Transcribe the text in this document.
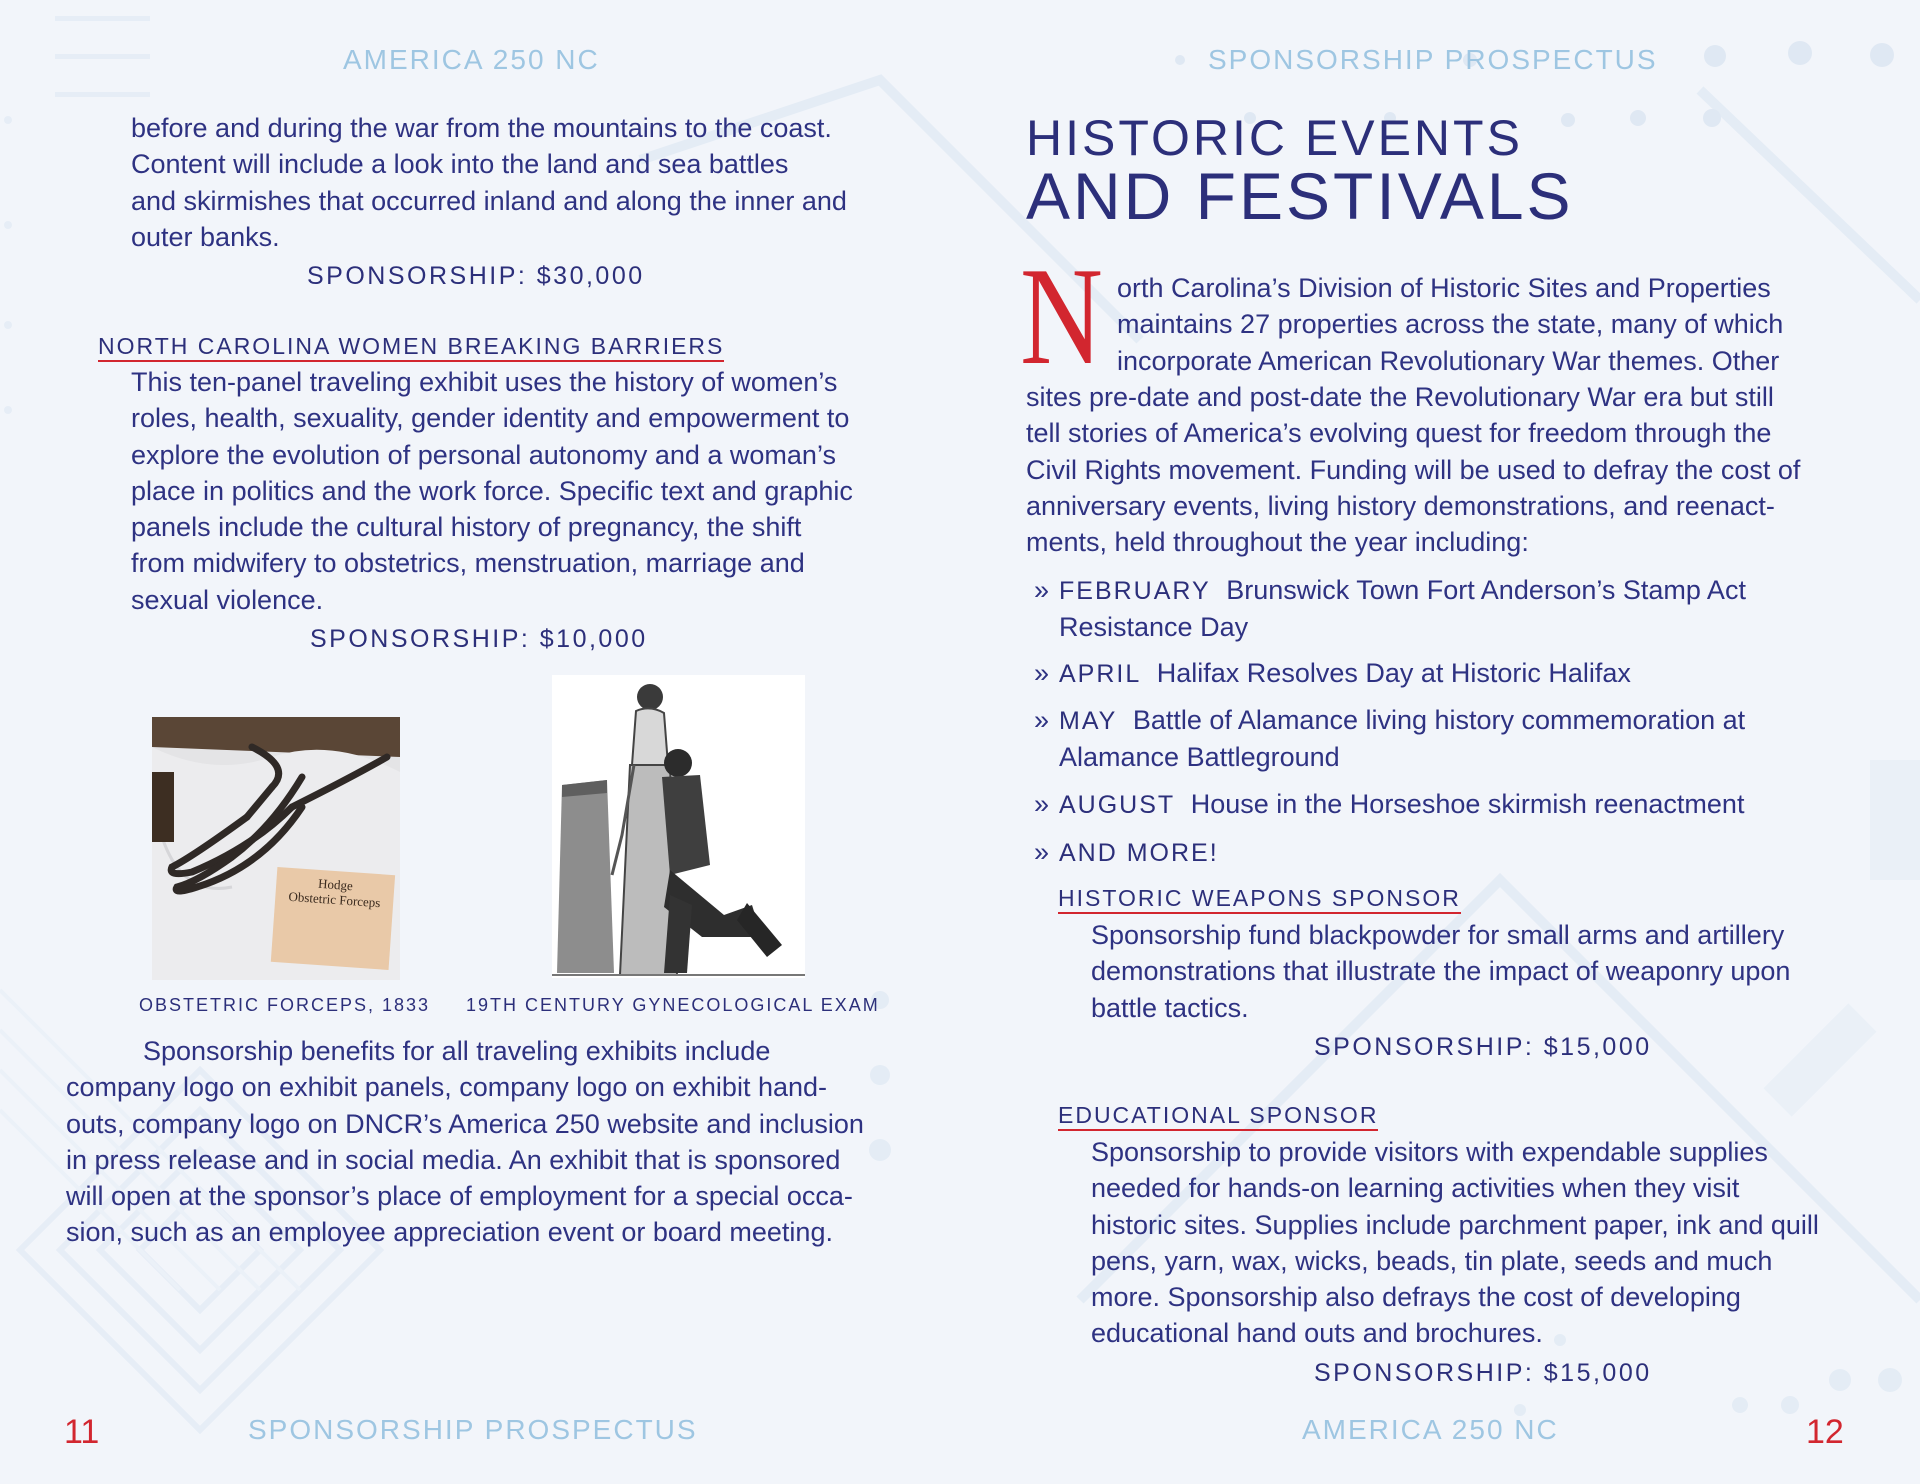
AMERICA 250 NC
before and during the war from the mountains to the coast.
Content will include a look into the land and sea battles
and skirmishes that occurred inland and along the inner and
outer banks.
SPONSORSHIP: $30,000
NORTH CAROLINA WOMEN BREAKING BARRIERS
This ten-panel traveling exhibit uses the history of women’s
roles, health, sexuality, gender identity and empowerment to
explore the evolution of personal autonomy and a woman’s
place in politics and the work force. Specific text and graphic
panels include the cultural history of pregnancy, the shift
from midwifery to obstetrics, menstruation, marriage and
sexual violence.
SPONSORSHIP: $10,000
Hodge
Obstetric Forceps
OBSTETRIC FORCEPS, 1833 19TH CENTURY GYNECOLOGICAL EXAM
Sponsorship benefits for all traveling exhibits include
company logo on exhibit panels, company logo on exhibit hand-
outs, company logo on DNCR’s America 250 website and inclusion
in press release and in social media. An exhibit that is sponsored
will open at the sponsor’s place of employment for a special occa-
sion, such as an employee appreciation event or board meeting.
11	SPONSORSHIP PROSPECTUS
SPONSORSHIP PROSPECTUS
HISTORIC EVENTS
AND FESTIVALS
N orth Carolina’s Division of Historic Sites and Properties
maintains 27 properties across the state, many of which
incorporate American Revolutionary War themes. Other
sites pre-date and post-date the Revolutionary War era but still
tell stories of America’s evolving quest for freedom through the
Civil Rights movement. Funding will be used to defray the cost of
anniversary events, living history demonstrations, and reenact-
ments, held throughout the year including:
» FEBRUARY Brunswick Town Fort Anderson’s Stamp Act
Resistance Day
» APRIL Halifax Resolves Day at Historic Halifax
» MAY Battle of Alamance living history commemoration at
Alamance Battleground
» AUGUST House in the Horseshoe skirmish reenactment
» AND MORE!
HISTORIC WEAPONS SPONSOR
Sponsorship fund blackpowder for small arms and artillery
demonstrations that illustrate the impact of weaponry upon
battle tactics.
SPONSORSHIP: $15,000
EDUCATIONAL SPONSOR
Sponsorship to provide visitors with expendable supplies
needed for hands-on learning activities when they visit
historic sites. Supplies include parchment paper, ink and quill
pens, yarn, wax, wicks, beads, tin plate, seeds and much
more. Sponsorship also defrays the cost of developing
educational hand outs and brochures.
SPONSORSHIP: $15,000
AMERICA 250 NC	12
